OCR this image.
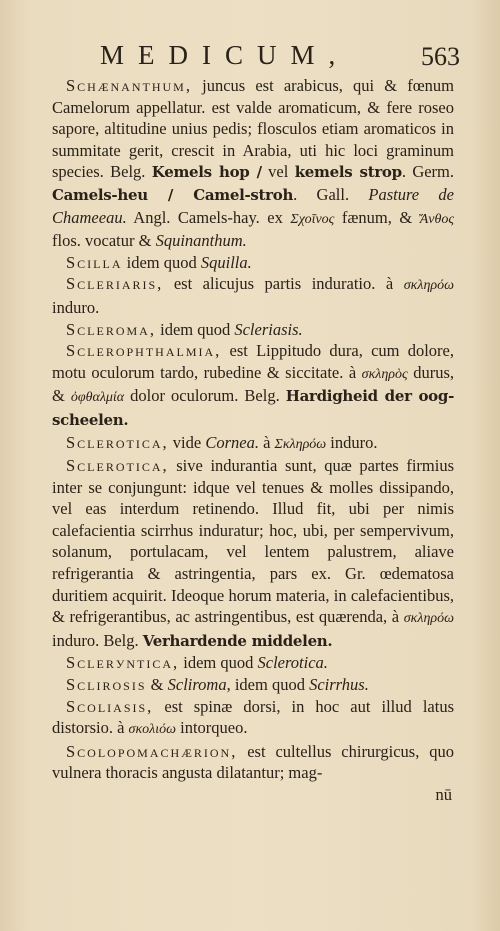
MEDICUM,	563

Schænanthum, juncus est arabicus, qui & fœnum Camelorum appellatur. est valde aromaticum, & fere roseo sapore, altitudine unius pedis; flosculos etiam aromaticos in summitate gerit, crescit in Arabia, uti hic loci graminum species. Belg. Kemels hop / vel kemels strop. Germ. Camels-heu / Camel-stroh. Gall. Pasture de Chameeau. Angl. Camels-hay. ex Σχοῖνος fænum, & Ἄνθος flos. vocatur & Squinanthum.

Scilla idem quod Squilla.

Scleriaris, est alicujus partis induratio. à σκληρόω induro.

Scleroma, idem quod Scleriasis.

Sclerophthalmia, est Lippitudo dura, cum dolore, motu oculorum tardo, rubedine & siccitate. à σκληρὸς durus, & ὀφθαλμία dolor oculorum. Belg. Hardigheid der oog-scheelen.

Sclerotica, vide Cornea. à Σκληρόω induro.

Sclerotica, sive indurantia sunt, quæ partes firmius inter se conjungunt: idque vel tenues & molles dissipando, vel eas interdum retinendo. Illud fit, ubi per nimis calefacientia scirrhus induratur; hoc, ubi, per sempervivum, solanum, portulacam, vel lentem palustrem, aliave refrigerantia & astringentia, pars ex. Gr. œdematosa duritiem acquirit. Ideoque horum materia, in calefacientibus, & refrigerantibus, ac astringentibus, est quærenda, à σκληρόω induro. Belg. Verhardende middelen.

Sclerуntica, idem quod Sclerotica.

Scliroſis & Scliroma, idem quod Scirrhus.

Scoliasis, est spinæ dorsi, in hoc aut illud latus distorsio. à σκολιόω intorqueo.

Scolopomachærion, est cultellus chirurgicus, quo vulnera thoracis angusta dilatantur; mag-

nū
